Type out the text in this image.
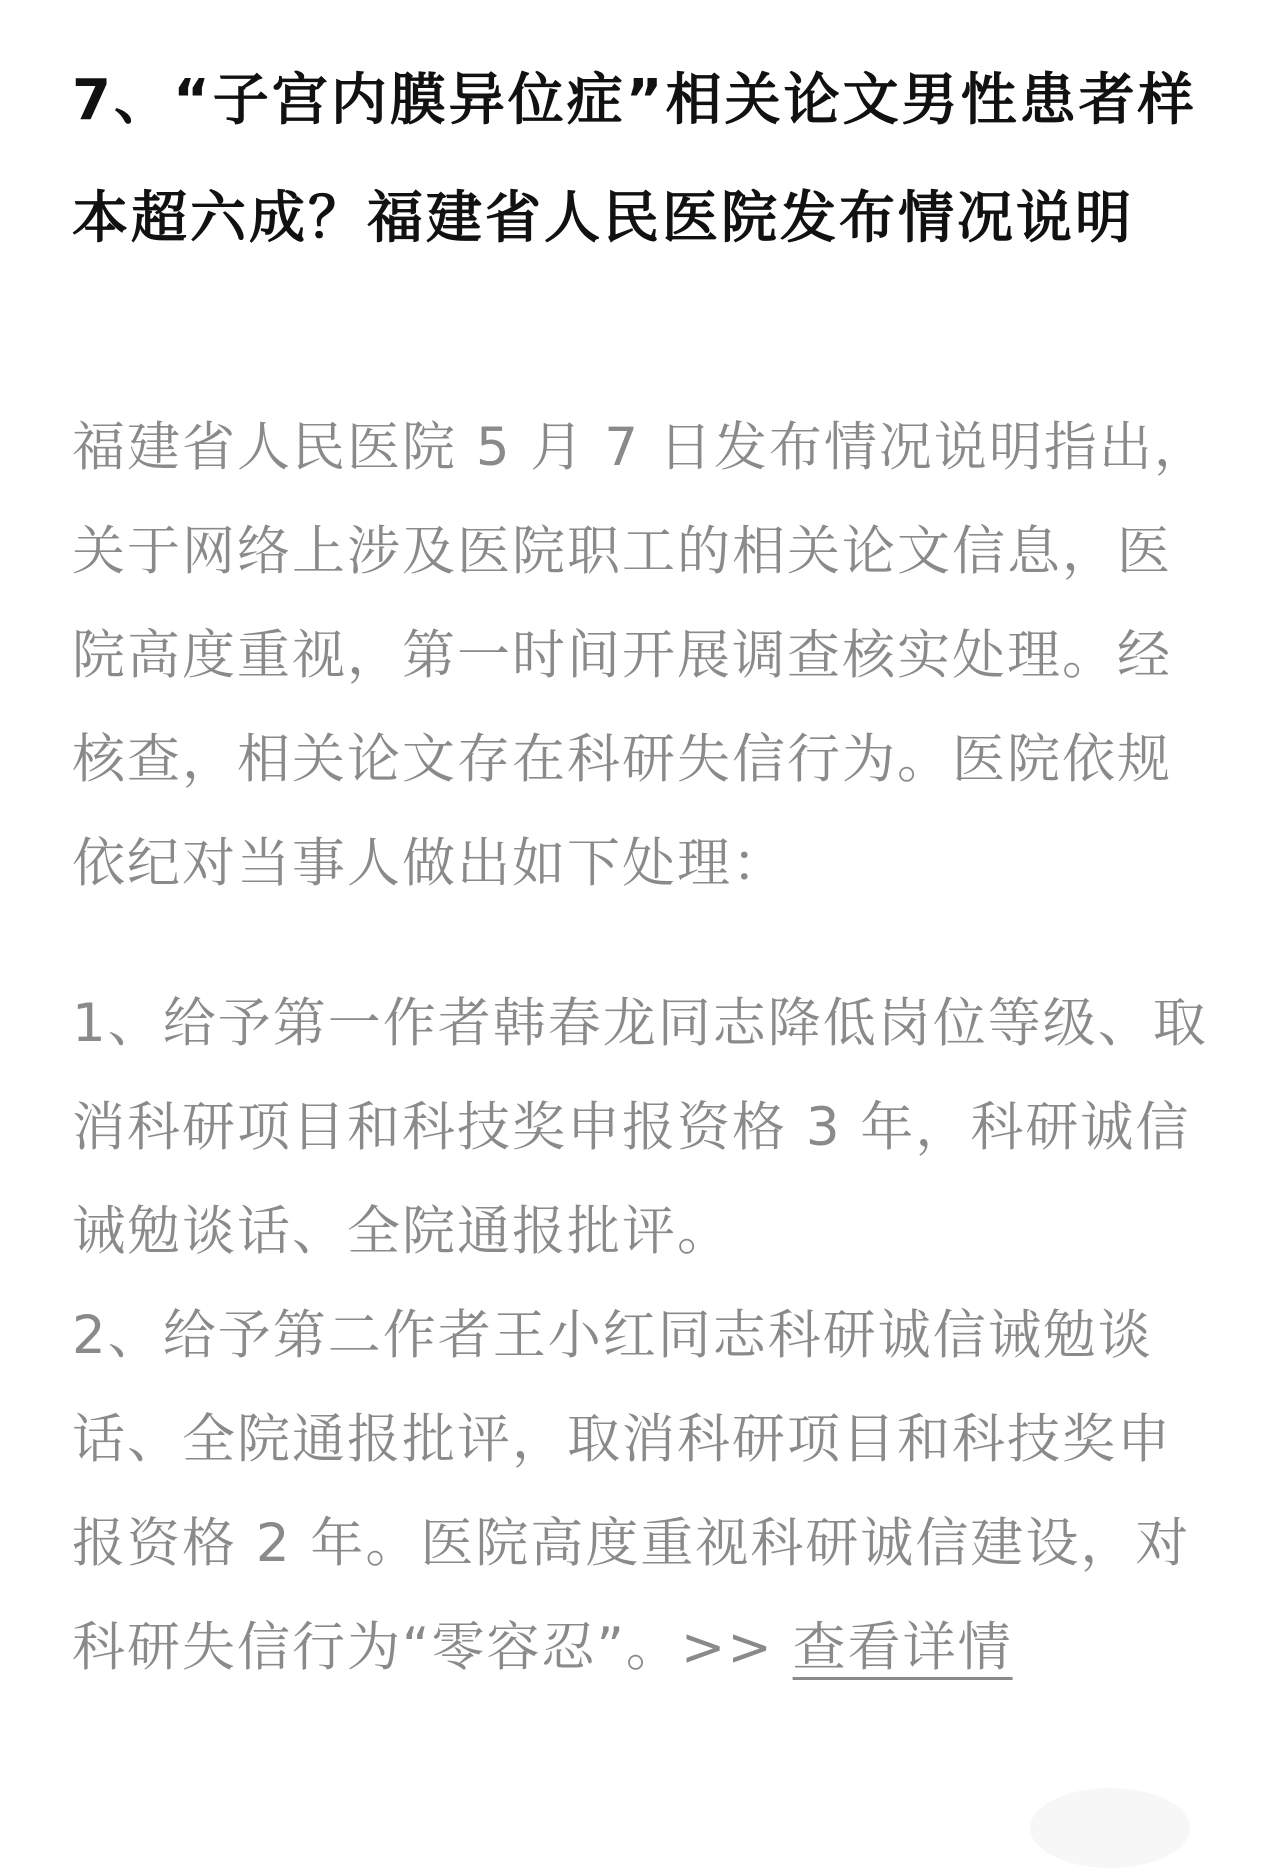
7、“子宫内膜异位症”相关论文男性患者样本超六成？福建省人民医院发布情况说明

福建省人民医院 5 月 7 日发布情况说明指出，关于网络上涉及医院职工的相关论文信息，医院高度重视，第一时间开展调查核实处理。经核查，相关论文存在科研失信行为。医院依规依纪对当事人做出如下处理：

1、给予第一作者韩春龙同志降低岗位等级、取消科研项目和科技奖申报资格 3 年，科研诚信诫勉谈话、全院通报批评。

2、给予第二作者王小红同志科研诚信诫勉谈话、全院通报批评，取消科研项目和科技奖申报资格 2 年。医院高度重视科研诚信建设，对科研失信行为“零容忍”。>> 查看详情
